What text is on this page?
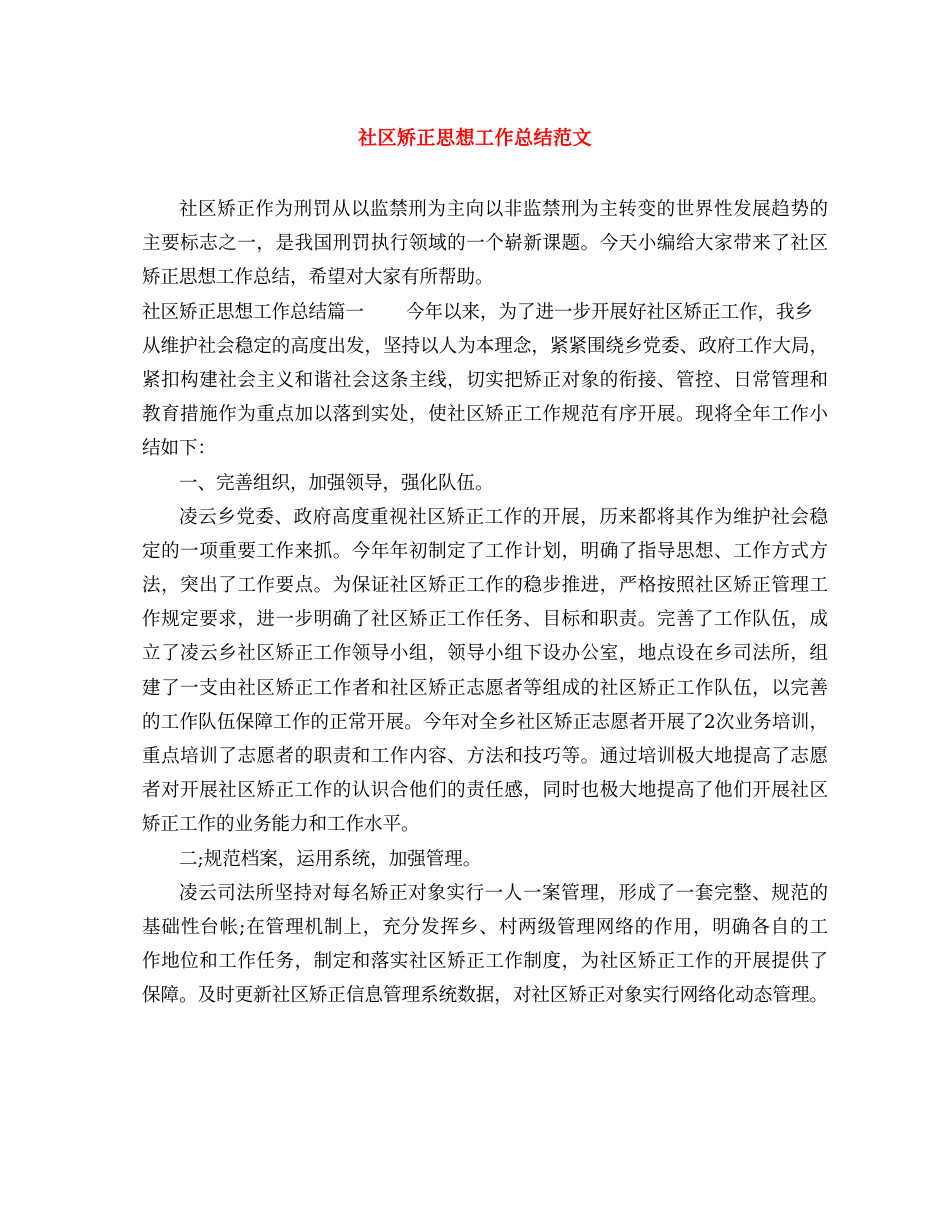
社区矫正思想工作总结范文
社区矫正作为刑罚从以监禁刑为主向以非监禁刑为主转变的世界性发展趋势的
主要标志之一，是我国刑罚执行领域的一个崭新课题。今天小编给大家带来了社区
矫正思想工作总结，希望对大家有所帮助。
社区矫正思想工作总结篇一 今年以来，为了进一步开展好社区矫正工作，我乡
从维护社会稳定的高度出发，坚持以人为本理念，紧紧围绕乡党委、政府工作大局，
紧扣构建社会主义和谐社会这条主线，切实把矫正对象的衔接、管控、日常管理和
教育措施作为重点加以落到实处，使社区矫正工作规范有序开展。现将全年工作小
结如下：
一、完善组织，加强领导，强化队伍。
凌云乡党委、政府高度重视社区矫正工作的开展，历来都将其作为维护社会稳
定的一项重要工作来抓。今年年初制定了工作计划，明确了指导思想、工作方式方
法，突出了工作要点。为保证社区矫正工作的稳步推进，严格按照社区矫正管理工
作规定要求，进一步明确了社区矫正工作任务、目标和职责。完善了工作队伍，成
立了凌云乡社区矫正工作领导小组，领导小组下设办公室，地点设在乡司法所，组
建了一支由社区矫正工作者和社区矫正志愿者等组成的社区矫正工作队伍，以完善
的工作队伍保障工作的正常开展。今年对全乡社区矫正志愿者开展了2次业务培训，
重点培训了志愿者的职责和工作内容、方法和技巧等。通过培训极大地提高了志愿
者对开展社区矫正工作的认识合他们的责任感，同时也极大地提高了他们开展社区
矫正工作的业务能力和工作水平。
二;规范档案，运用系统，加强管理。
凌云司法所坚持对每名矫正对象实行一人一案管理，形成了一套完整、规范的
基础性台帐;在管理机制上，充分发挥乡、村两级管理网络的作用，明确各自的工
作地位和工作任务，制定和落实社区矫正工作制度，为社区矫正工作的开展提供了
保障。及时更新社区矫正信息管理系统数据，对社区矫正对象实行网络化动态管理。
